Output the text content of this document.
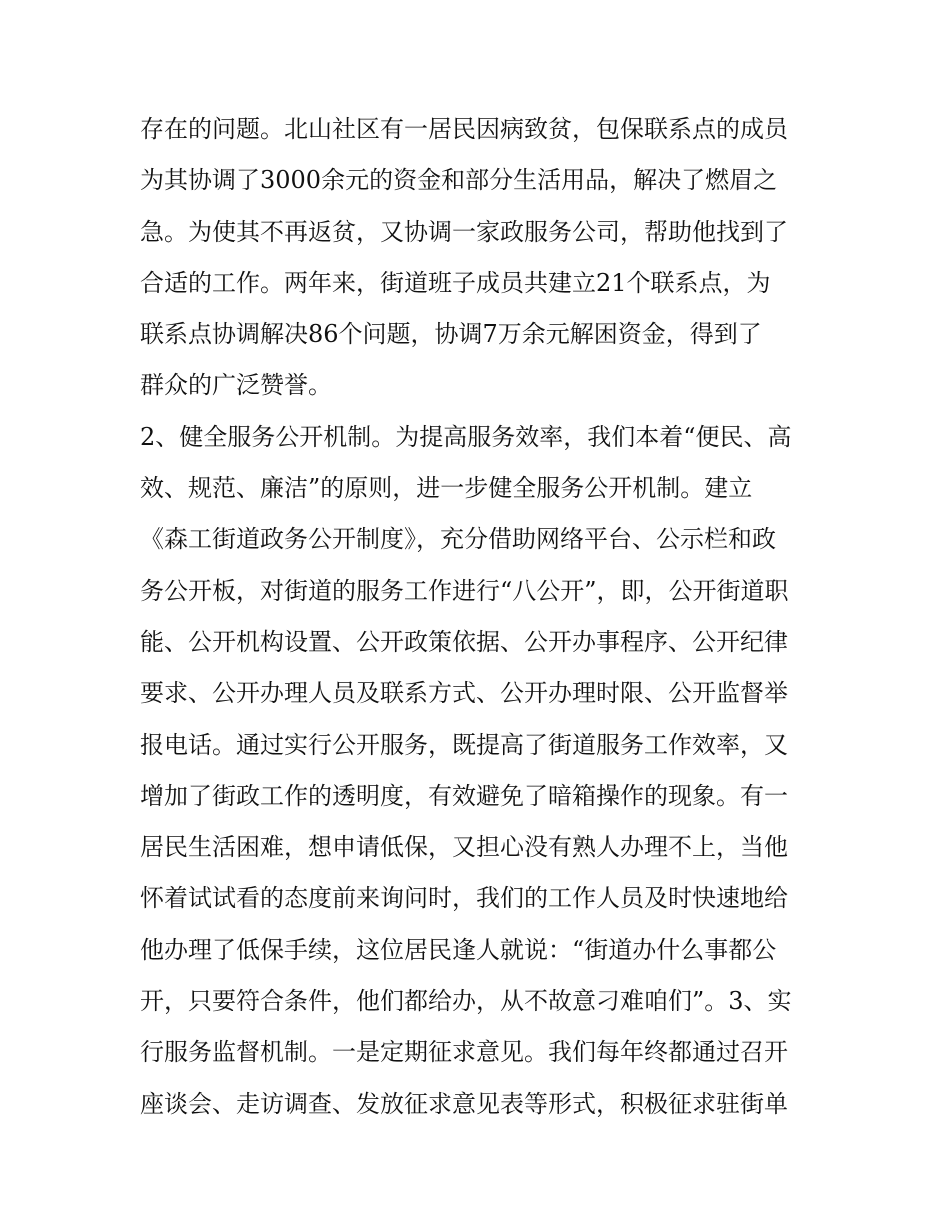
存在的问题。北山社区有一居民因病致贫，包保联系点的成员

为其协调了3000余元的资金和部分生活用品，解决了燃眉之

急。为使其不再返贫，又协调一家政服务公司，帮助他找到了

合适的工作。两年来，街道班子成员共建立21个联系点，为

联系点协调解决86个问题，协调7万余元解困资金，得到了

群众的广泛赞誉。

2、健全服务公开机制。为提高服务效率，我们本着“便民、高

效、规范、廉洁”的原则，进一步健全服务公开机制。建立

《森工街道政务公开制度》，充分借助网络平台、公示栏和政

务公开板，对街道的服务工作进行“八公开”，即，公开街道职

能、公开机构设置、公开政策依据、公开办事程序、公开纪律

要求、公开办理人员及联系方式、公开办理时限、公开监督举

报电话。通过实行公开服务，既提高了街道服务工作效率，又

增加了街政工作的透明度，有效避免了暗箱操作的现象。有一

居民生活困难，想申请低保，又担心没有熟人办理不上，当他

怀着试试看的态度前来询问时，我们的工作人员及时快速地给

他办理了低保手续，这位居民逢人就说：“街道办什么事都公

开，只要符合条件，他们都给办，从不故意刁难咱们”。3、实

行服务监督机制。一是定期征求意见。我们每年终都通过召开

座谈会、走访调查、发放征求意见表等形式，积极征求驻街单
